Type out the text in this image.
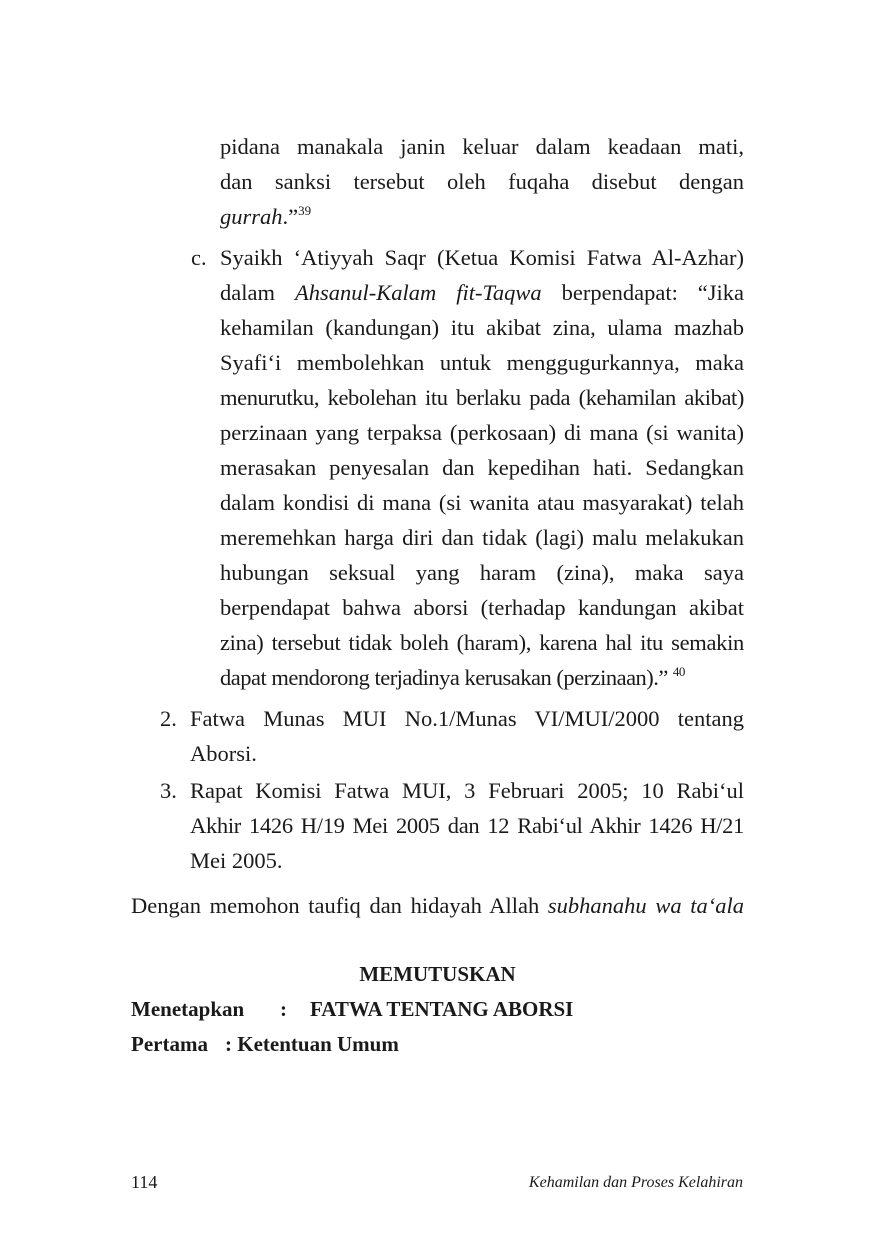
pidana manakala janin keluar dalam keadaan mati,
dan sanksi tersebut oleh fuqaha disebut dengan
gurrah.”$^{39}$
c. Syaikh ‘Atiyyah Saqr (Ketua Komisi Fatwa Al-Azhar)
dalam Ahsanul-Kalam fit-Taqwa berpendapat: “Jika
kehamilan (kandungan) itu akibat zina, ulama mazhab
Syafi‘i membolehkan untuk menggugurkannya, maka
menurutku, kebolehan itu berlaku pada (kehamilan akibat)
perzinaan yang terpaksa (perkosaan) di mana (si wanita)
merasakan penyesalan dan kepedihan hati. Sedangkan
dalam kondisi di mana (si wanita atau masyarakat) telah
meremehkan harga diri dan tidak (lagi) malu melakukan
hubungan seksual yang haram (zina), maka saya
berpendapat bahwa aborsi (terhadap kandungan akibat
zina) tersebut tidak boleh (haram), karena hal itu semakin
dapat mendorong terjadinya kerusakan (perzinaan).” $^{40}$
2. Fatwa Munas MUI No.1/Munas VI/MUI/2000 tentang
Aborsi.
3. Rapat Komisi Fatwa MUI, 3 Februari 2005; 10 Rabi‘ul
Akhir 1426 H/19 Mei 2005 dan 12 Rabi‘ul Akhir 1426 H/21
Mei 2005.
Dengan memohon taufiq dan hidayah Allah subhanahu wa ta‘ala
MEMUTUSKAN
Menetapkan : FATWA TENTANG ABORSI
Pertama : Ketentuan Umum
114	Kehamilan dan Proses Kelahiran
